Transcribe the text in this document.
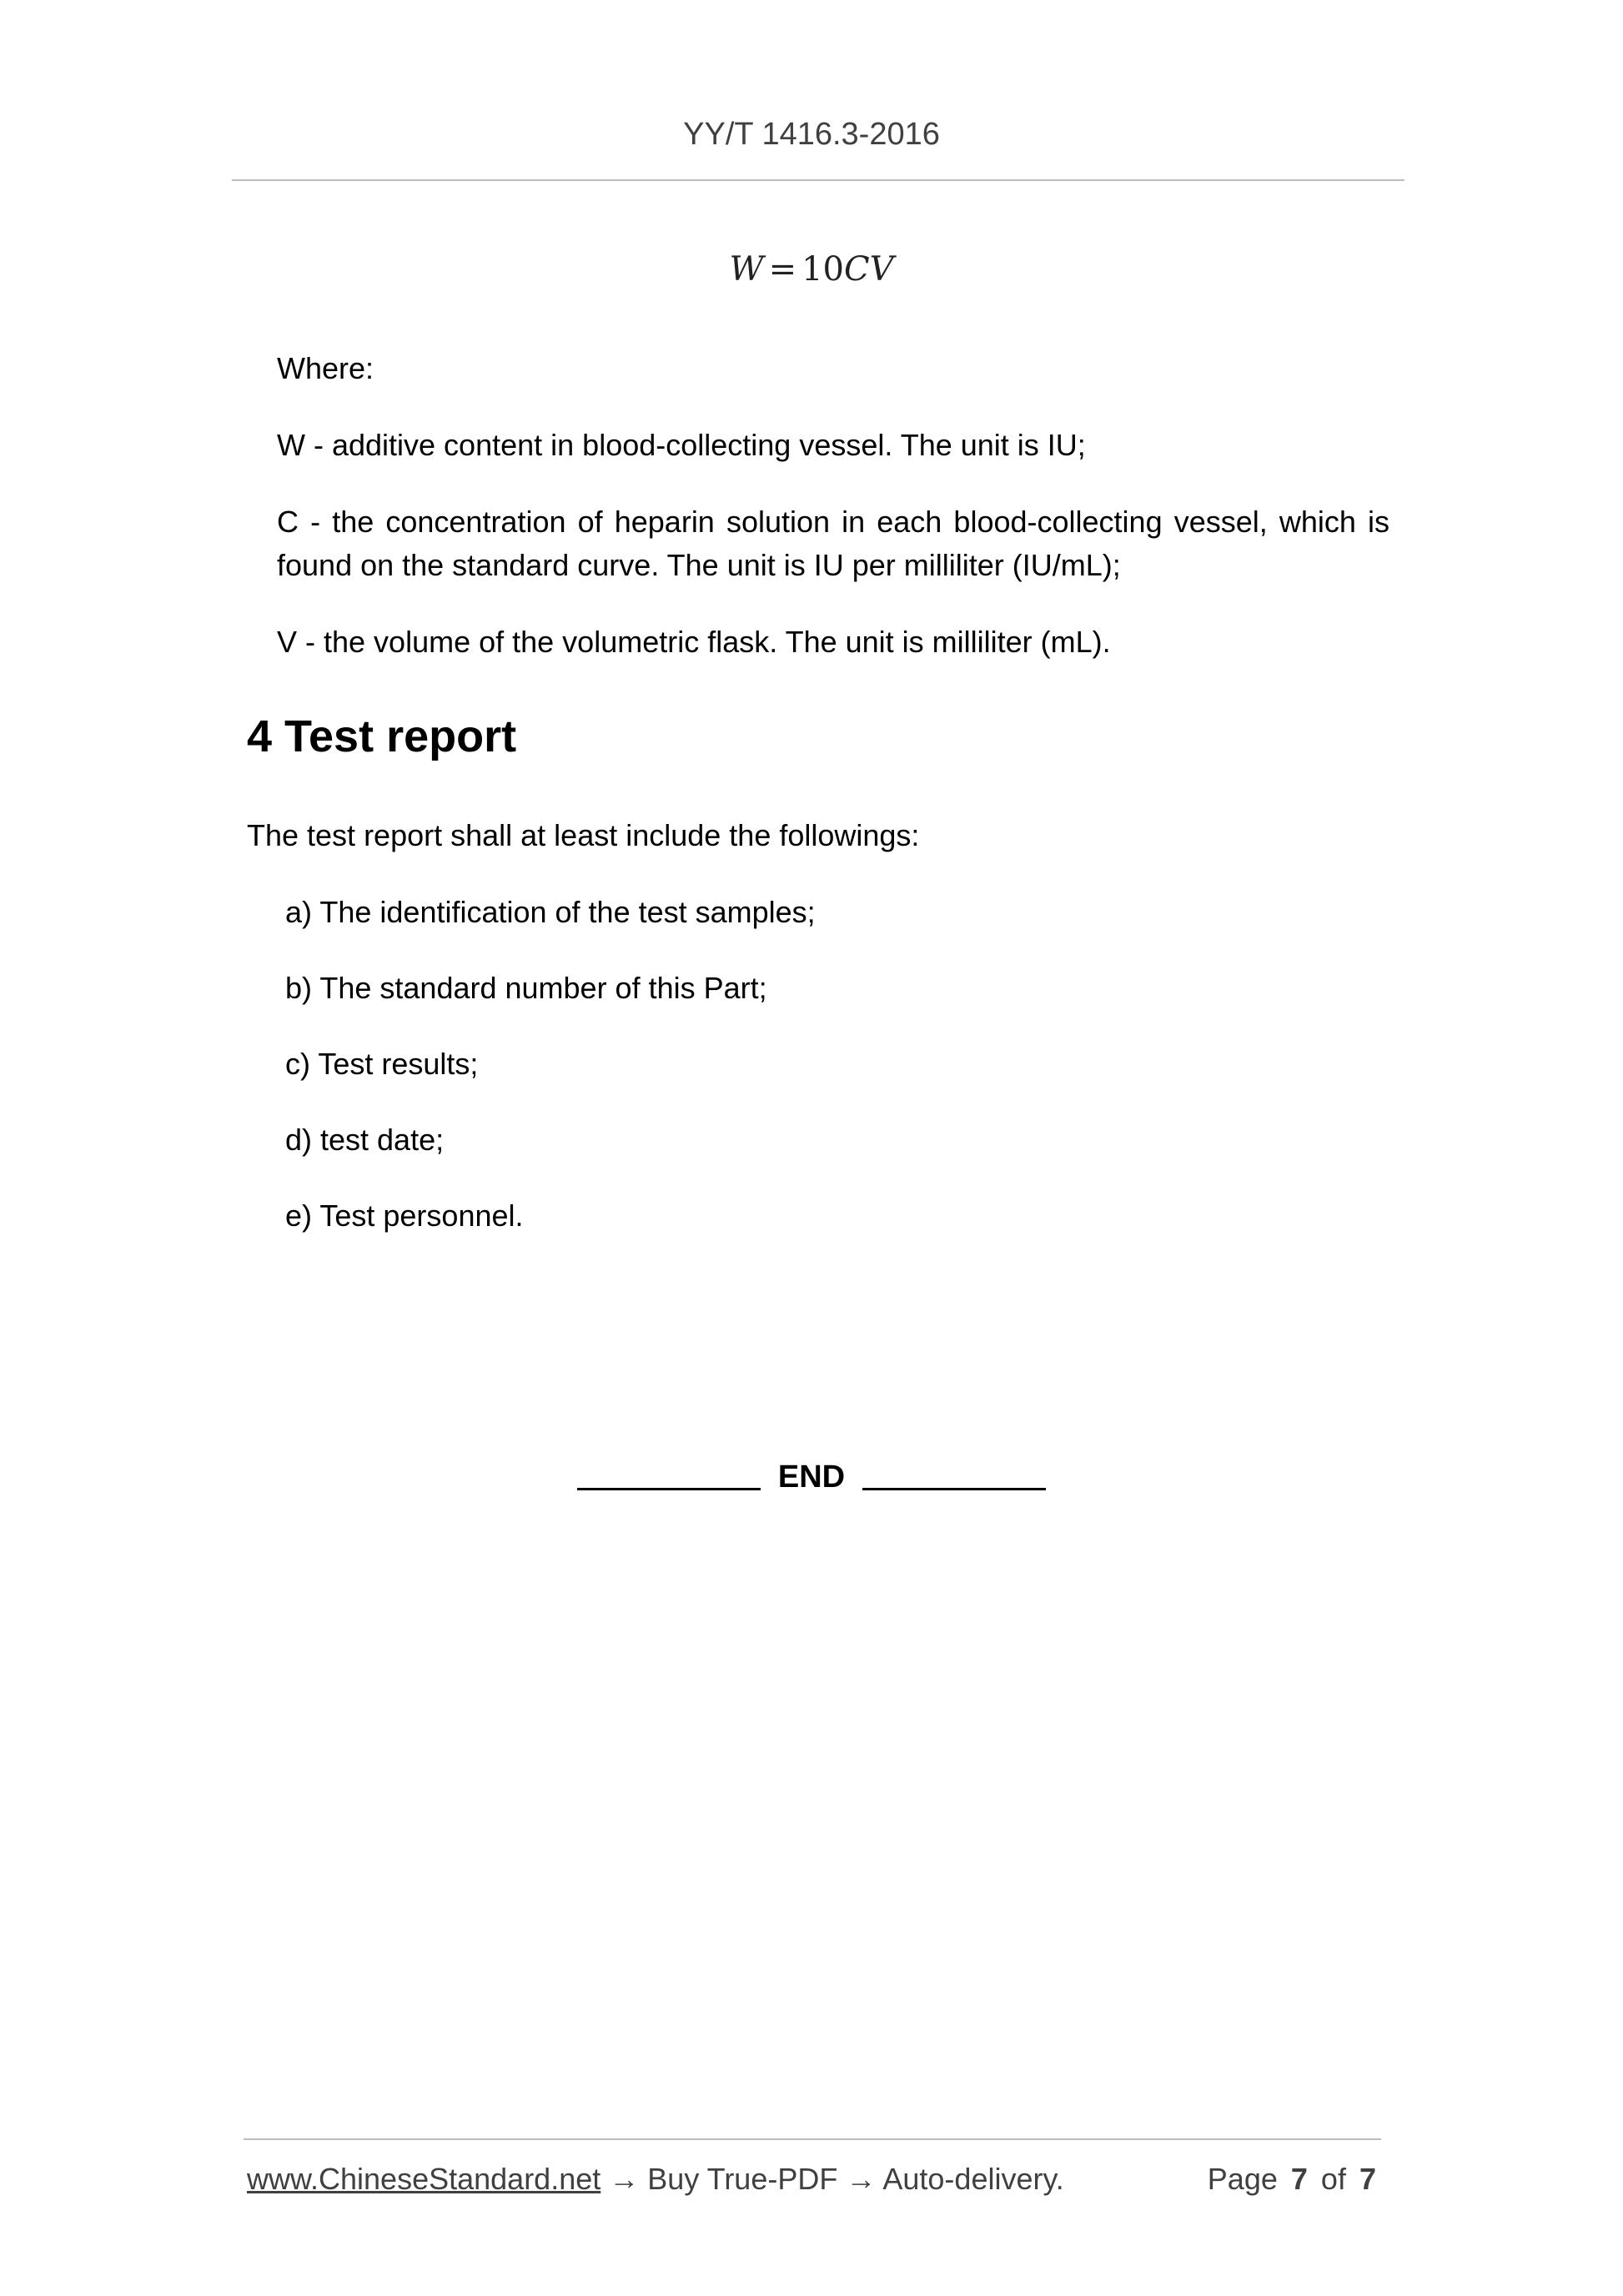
YY/T 1416.3-2016
W = 10CV
Where:
W - additive content in blood-collecting vessel. The unit is IU;
C - the concentration of heparin solution in each blood-collecting vessel, which is found on the standard curve. The unit is IU per milliliter (IU/mL);
V - the volume of the volumetric flask. The unit is milliliter (mL).
4 Test report
The test report shall at least include the followings:
a) The identification of the test samples;
b) The standard number of this Part;
c) Test results;
d) test date;
e) Test personnel.
END
www.ChineseStandard.net → Buy True-PDF → Auto-delivery.	Page 7 of 7
